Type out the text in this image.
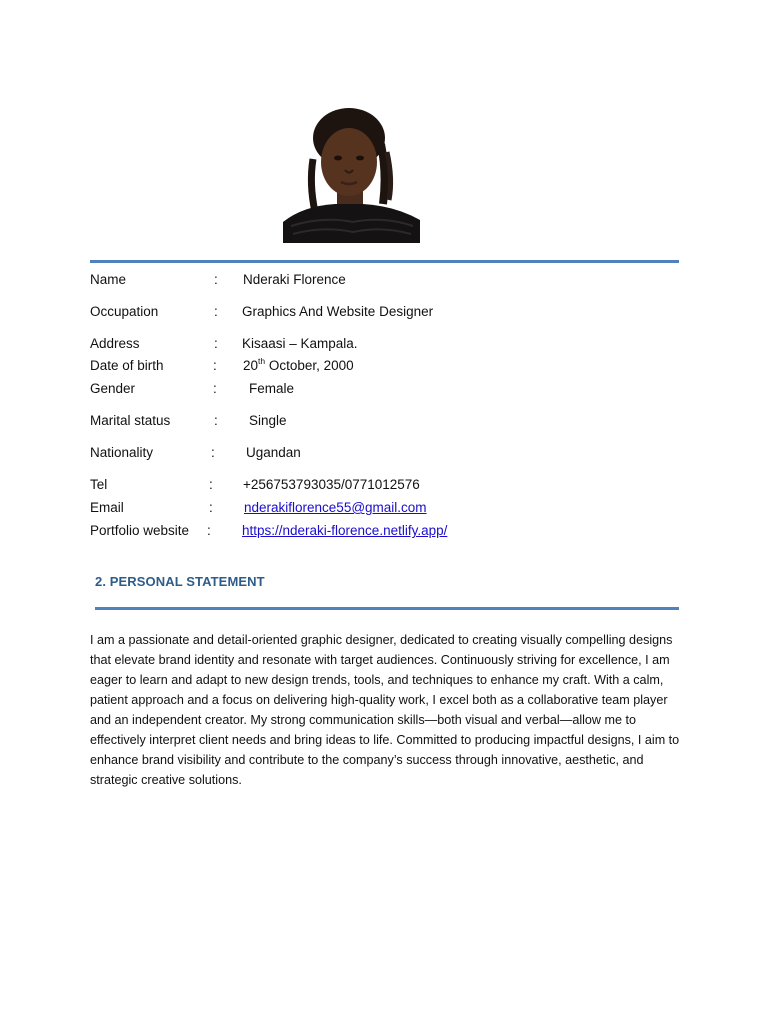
Name	: Nderaki Florence
Occupation	: Graphics And Website Designer
Address	: Kisaasi – Kampala.
Date of birth	: 20th October, 2000
Gender	: Female
Marital status	: Single
Nationality	: Ugandan
Tel	: +256753793035/0771012576
Email	: nderakiflorence55@gmail.com
Portfolio website : https://nderaki-florence.netlify.app/
2. PERSONAL STATEMENT
I am a passionate and detail-oriented graphic designer, dedicated to creating visually compelling designs that elevate brand identity and resonate with target audiences. Continuously striving for excellence, I am eager to learn and adapt to new design trends, tools, and techniques to enhance my craft. With a calm, patient approach and a focus on delivering high-quality work, I excel both as a collaborative team player and an independent creator. My strong communication skills—both visual and verbal—allow me to effectively interpret client needs and bring ideas to life. Committed to producing impactful designs, I aim to enhance brand visibility and contribute to the company’s success through innovative, aesthetic, and strategic creative solutions.
